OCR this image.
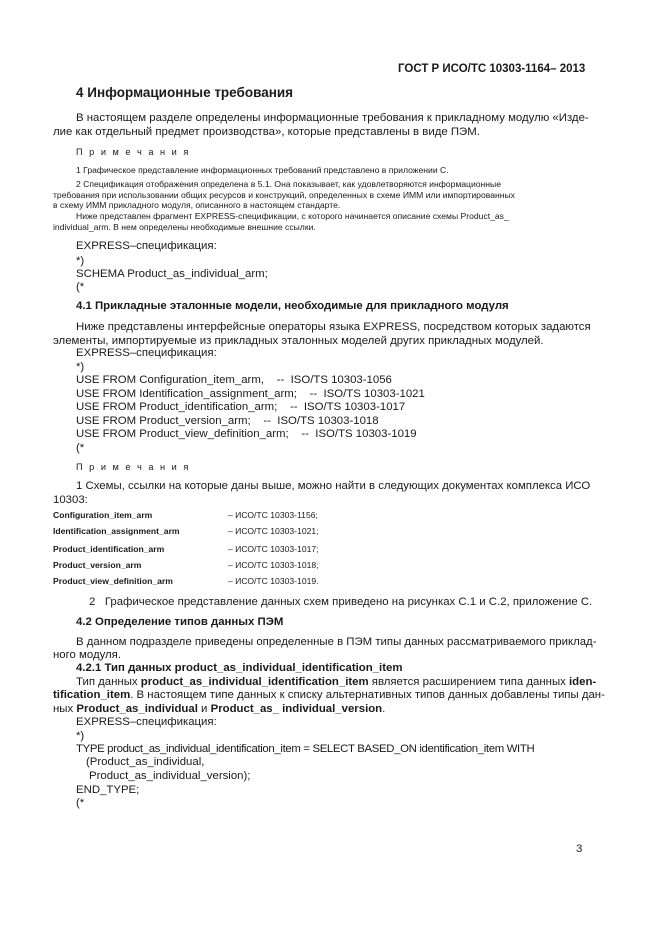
ГОСТ Р ИСО/ТС 10303-1164– 2013
4 Информационные требования
В настоящем разделе определены информационные требования к прикладному модулю «Изде-
лие как отдельный предмет производства», которые представлены в виде ПЭМ.
П р и м е ч а н и я
1 Графическое представление информационных требований представлено в приложении С.
2 Спецификация отображения определена в 5.1. Она показывает, как удовлетворяются информационные
требования при использовании общих ресурсов и конструкций, определенных в схеме ИММ или импортированных
в схему ИММ прикладного модуля, описанного в настоящем стандарте.
Ниже представлен фрагмент EXPRESS-спецификации, с которого начинается описание схемы Product_as_
individual_arm. В нем определены необходимые внешние ссылки.
EXPRESS–спецификация:
*)
SCHEMA Product_as_individual_arm;
(*
4.1 Прикладные эталонные модели, необходимые для прикладного модуля
Ниже представлены интерфейсные операторы языка EXPRESS, посредством которых задаются
элементы, импортируемые из прикладных эталонных моделей других прикладных модулей.
EXPRESS–спецификация:
*)
USE FROM Configuration_item_arm,    --  ISO/TS 10303-1056
USE FROM Identification_assignment_arm;    --  ISO/TS 10303-1021
USE FROM Product_identification_arm;    --  ISO/TS 10303-1017
USE FROM Product_version_arm;    --  ISO/TS 10303-1018
USE FROM Product_view_definition_arm;    --  ISO/TS 10303-1019
(*
П р и м е ч а н и я
1 Схемы, ссылки на которые даны выше, можно найти в следующих документах комплекса ИСО
10303:
Configuration_item_arm	– ИСО/ТС 10303-1156;
Identification_assignment_arm	– ИСО/ТС 10303-1021;
Product_identification_arm	– ИСО/ТС 10303-1017;
Product_version_arm	– ИСО/ТС 10303-1018;
Product_view_definition_arm	– ИСО/ТС 10303-1019.
2   Графическое представление данных схем приведено на рисунках С.1 и С.2, приложение С.
4.2 Определение типов данных ПЭМ
В данном подразделе приведены определенные в ПЭМ типы данных рассматриваемого приклад-
ного модуля.
4.2.1 Тип данных product_as_individual_identification_item
Тип данных product_as_individual_identification_item является расширением типа данных iden-
tification_item. В настоящем типе данных к списку альтернативных типов данных добавлены типы дан-
ных Product_as_individual и Product_as_ individual_version.
EXPRESS–спецификация:
*)
TYPE product_as_individual_identification_item = SELECT BASED_ON identification_item WITH
(Product_as_individual,
Product_as_individual_version);
END_TYPE;
(*
3
